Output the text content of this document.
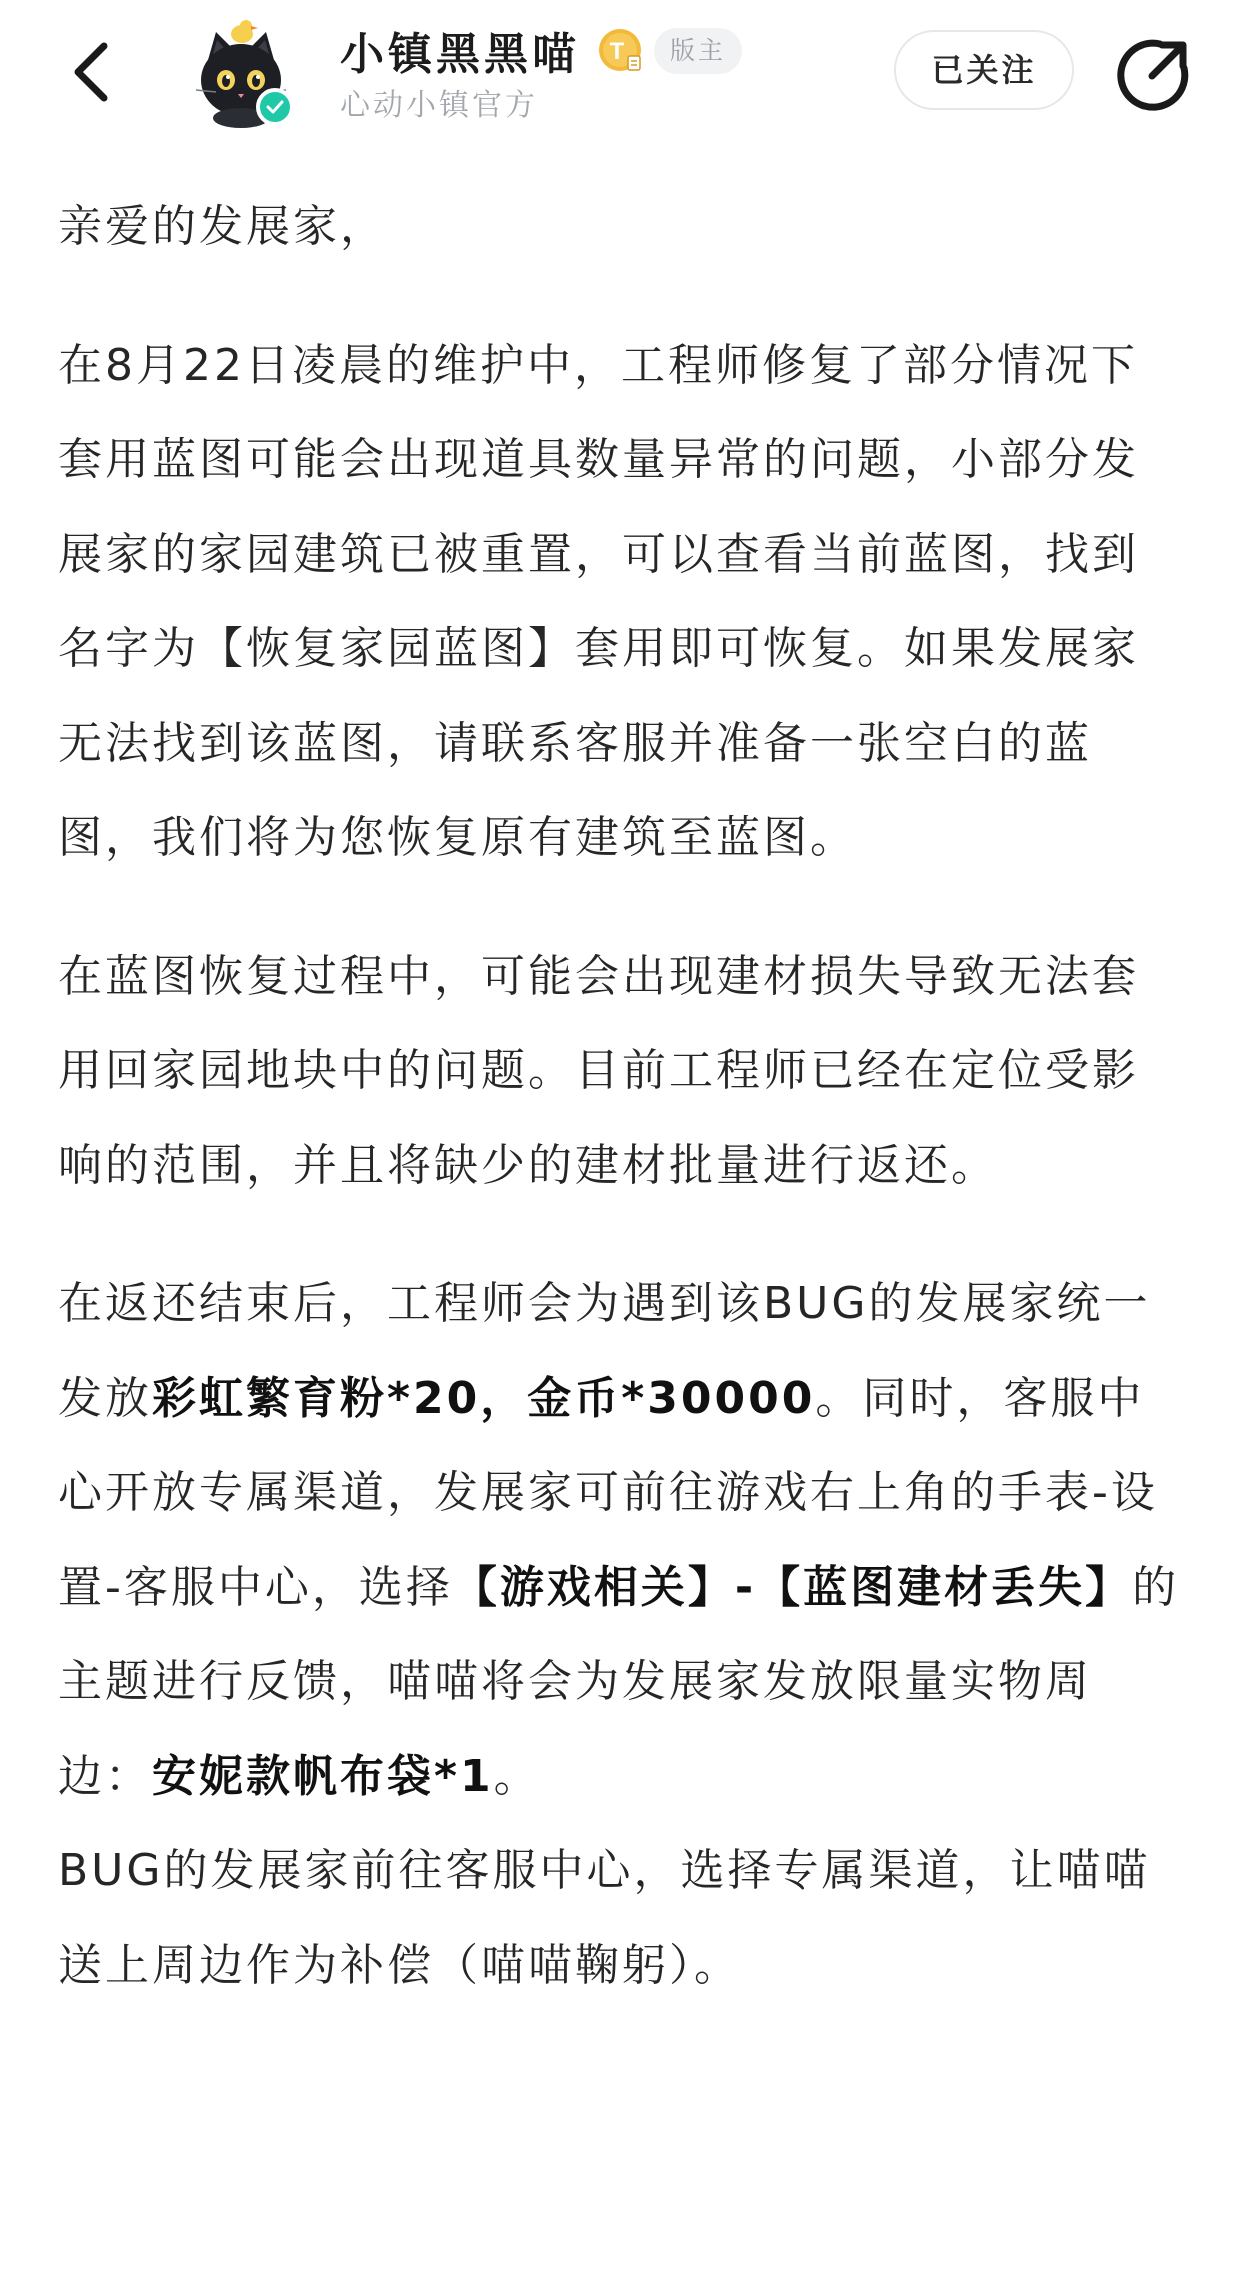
小镇黑黑喵 T	版主
心动小镇官方
已关注

亲爱的发展家，

在8月22日凌晨的维护中，工程师修复了部分情况下套用蓝图可能会出现道具数量异常的问题，小部分发展家的家园建筑已被重置，可以查看当前蓝图，找到名字为【恢复家园蓝图】套用即可恢复。如果发展家无法找到该蓝图，请联系客服并准备一张空白的蓝图，我们将为您恢复原有建筑至蓝图。

在蓝图恢复过程中，可能会出现建材损失导致无法套用回家园地块中的问题。目前工程师已经在定位受影响的范围，并且将缺少的建材批量进行返还。

在返还结束后，工程师会为遇到该BUG的发展家统一发放彩虹繁育粉*20，金币*30000。同时，客服中心开放专属渠道，发展家可前往游戏右上角的手表-设置-客服中心，选择【游戏相关】-【蓝图建材丢失】的主题进行反馈，喵喵将会为发展家发放限量实物周边：安妮款帆布袋*1。

BUG的发展家前往客服中心，选择专属渠道，让喵喵送上周边作为补偿（喵喵鞠躬）。
